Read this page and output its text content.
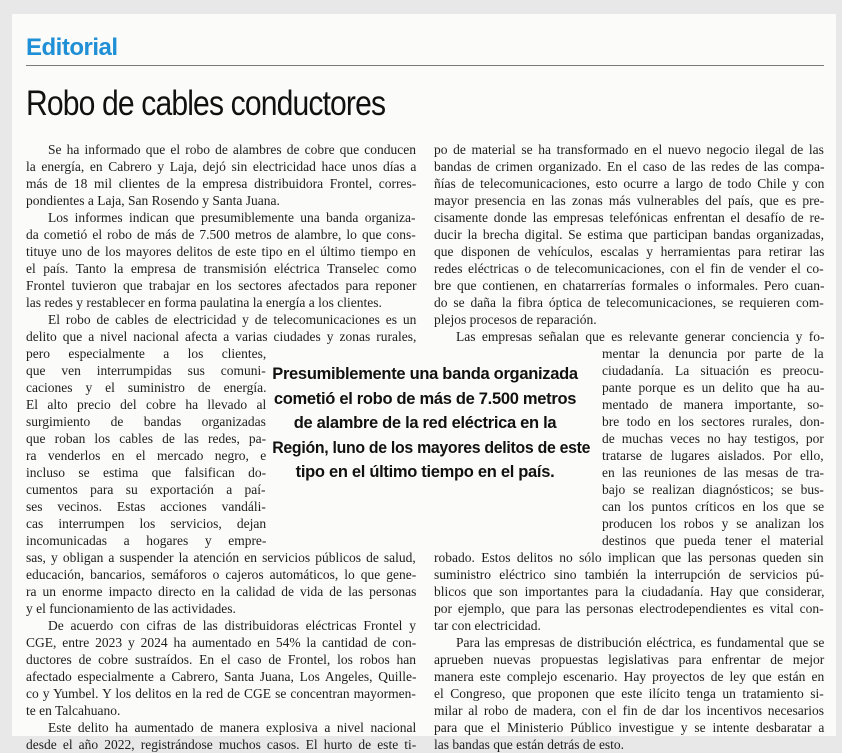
Editorial
Robo de cables conductores
Se ha informado que el robo de alambres de cobre que conducen
la energía, en Cabrero y Laja, dejó sin electricidad hace unos días a
más de 18 mil clientes de la empresa distribuidora Frontel, corres-
pondientes a Laja, San Rosendo y Santa Juana.
Los informes indican que presumiblemente una banda organiza-
da cometió el robo de más de 7.500 metros de alambre, lo que cons-
tituye uno de los mayores delitos de este tipo en el último tiempo en
el país. Tanto la empresa de transmisión eléctrica Transelec como
Frontel tuvieron que trabajar en los sectores afectados para reponer
las redes y restablecer en forma paulatina la energía a los clientes.
El robo de cables de electricidad y de telecomunicaciones es un
delito que a nivel nacional afecta a varias ciudades y zonas rurales,
pero especialmente a los clientes,
que ven interrumpidas sus comuni-
caciones y el suministro de energía.
El alto precio del cobre ha llevado al
surgimiento de bandas organizadas
que roban los cables de las redes, pa-
ra venderlos en el mercado negro, e
incluso se estima que falsifican do-
cumentos para su exportación a paí-
ses vecinos. Estas acciones vandáli-
cas interrumpen los servicios, dejan
incomunicadas a hogares y empre-
sas, y obligan a suspender la atención en servicios públicos de salud,
educación, bancarios, semáforos o cajeros automáticos, lo que gene-
ra un enorme impacto directo en la calidad de vida de las personas
y el funcionamiento de las actividades.
De acuerdo con cifras de las distribuidoras eléctricas Frontel y
CGE, entre 2023 y 2024 ha aumentado en 54% la cantidad de con-
ductores de cobre sustraídos. En el caso de Frontel, los robos han
afectado especialmente a Cabrero, Santa Juana, Los Angeles, Quille-
co y Yumbel. Y los delitos en la red de CGE se concentran mayormen-
te en Talcahuano.
Este delito ha aumentado de manera explosiva a nivel nacional
desde el año 2022, registrándose muchos casos. El hurto de este ti-
po de material se ha transformado en el nuevo negocio ilegal de las
bandas de crimen organizado. En el caso de las redes de las compa-
ñías de telecomunicaciones, esto ocurre a largo de todo Chile y con
mayor presencia en las zonas más vulnerables del país, que es pre-
cisamente donde las empresas telefónicas enfrentan el desafío de re-
ducir la brecha digital. Se estima que participan bandas organizadas,
que disponen de vehículos, escalas y herramientas para retirar las
redes eléctricas o de telecomunicaciones, con el fin de vender el co-
bre que contienen, en chatarrerías formales o informales. Pero cuan-
do se daña la fibra óptica de telecomunicaciones, se requieren com-
plejos procesos de reparación.
Las empresas señalan que es relevante generar conciencia y fo-
mentar la denuncia por parte de la
ciudadanía. La situación es preocu-
pante porque es un delito que ha au-
mentado de manera importante, so-
bre todo en los sectores rurales, don-
de muchas veces no hay testigos, por
tratarse de lugares aislados. Por ello,
en las reuniones de las mesas de tra-
bajo se realizan diagnósticos; se bus-
can los puntos críticos en los que se
producen los robos y se analizan los
destinos que pueda tener el material
robado. Estos delitos no sólo implican que las personas queden sin
suministro eléctrico sino también la interrupción de servicios pú-
blicos que son importantes para la ciudadanía. Hay que considerar,
por ejemplo, que para las personas electrodependientes es vital con-
tar con electricidad.
Para las empresas de distribución eléctrica, es fundamental que se
aprueben nuevas propuestas legislativas para enfrentar de mejor
manera este complejo escenario. Hay proyectos de ley que están en
el Congreso, que proponen que este ilícito tenga un tratamiento si-
milar al robo de madera, con el fin de dar los incentivos necesarios
para que el Ministerio Público investigue y se intente desbaratar a
las bandas que están detrás de esto.
Presumiblemente una banda organizada
cometió el robo de más de 7.500 metros
de alambre de la red eléctrica en la
Región, luno de los mayores delitos de este
tipo en el último tiempo en el país.
